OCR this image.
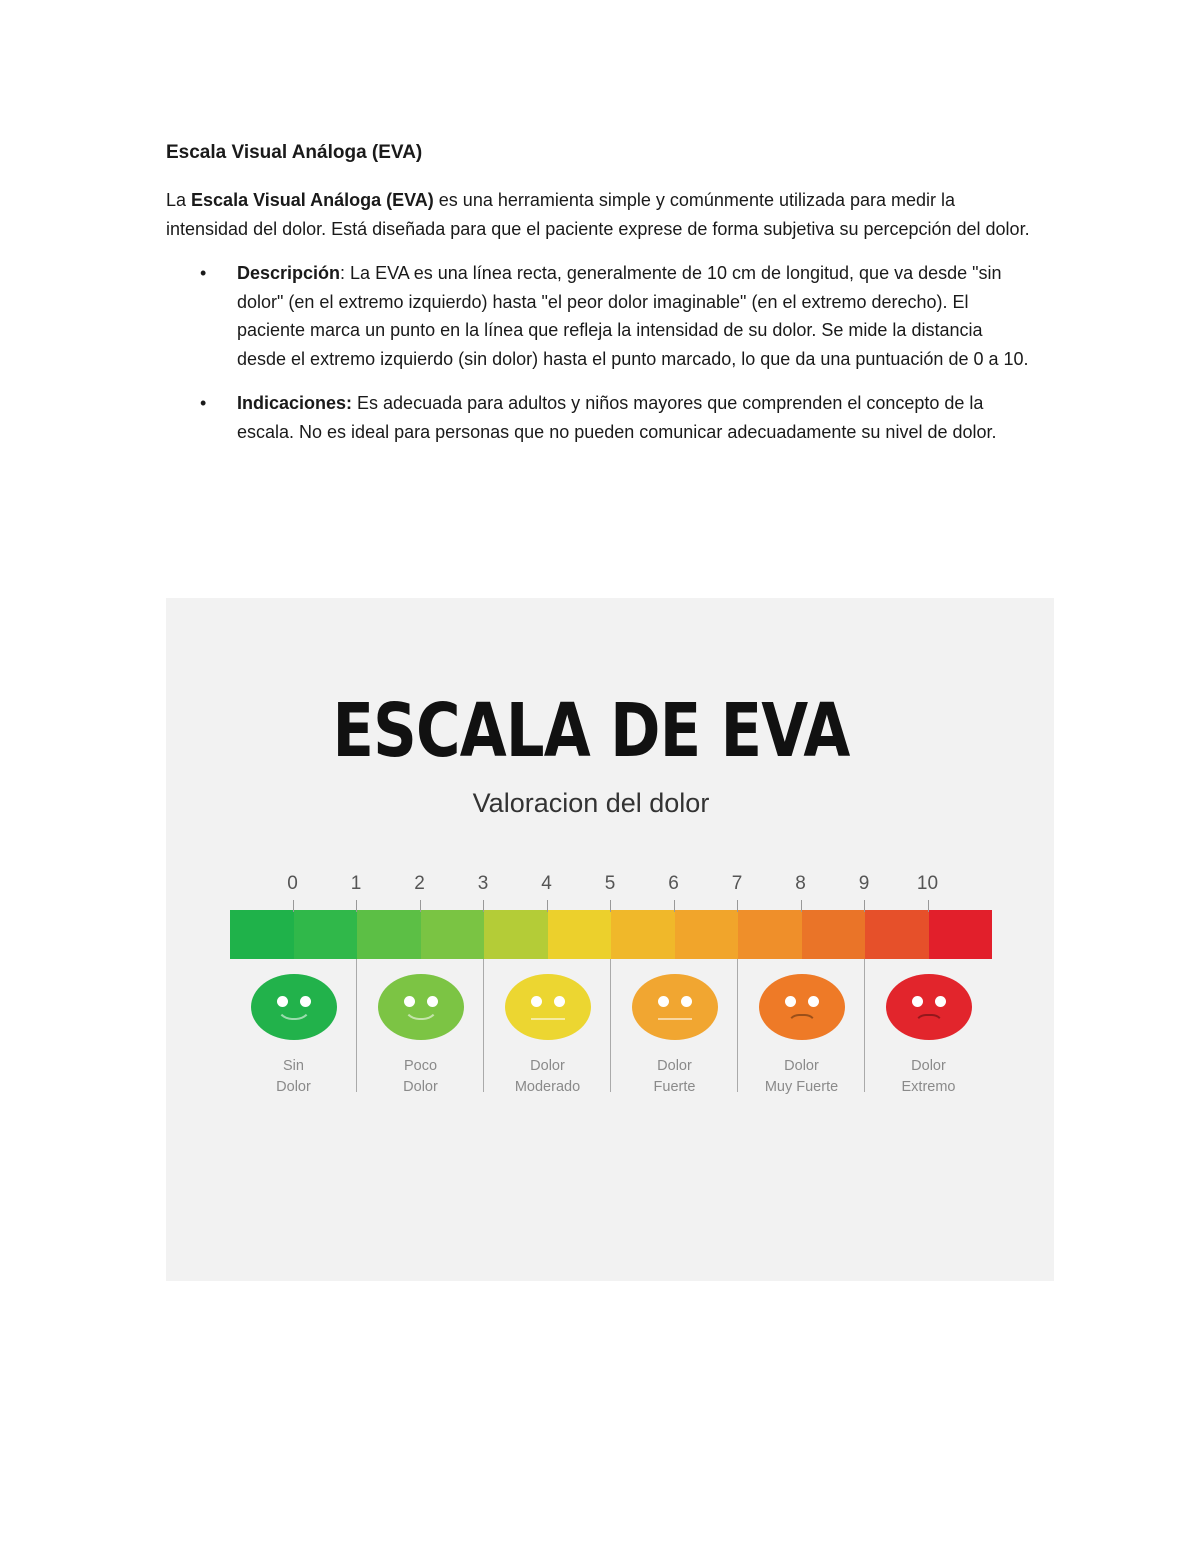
Escala Visual Análoga (EVA)

La Escala Visual Análoga (EVA) es una herramienta simple y comúnmente utilizada para medir la intensidad del dolor. Está diseñada para que el paciente exprese de forma subjetiva su percepción del dolor.

• Descripción: La EVA es una línea recta, generalmente de 10 cm de longitud, que va desde "sin dolor" (en el extremo izquierdo) hasta "el peor dolor imaginable" (en el extremo derecho). El paciente marca un punto en la línea que refleja la intensidad de su dolor. Se mide la distancia desde el extremo izquierdo (sin dolor) hasta el punto marcado, lo que da una puntuación de 0 a 10.
• Indicaciones: Es adecuada para adultos y niños mayores que comprenden el concepto de la escala. No es ideal para personas que no pueden comunicar adecuadamente su nivel de dolor.
ESCALA DE EVA
Valoracion del dolor
0	1	2	3	4	5	6	7	8	9	10
Sin
Dolor
Poco
Dolor
Dolor
Moderado
Dolor
Fuerte
Dolor
Muy Fuerte
Dolor
Extremo
